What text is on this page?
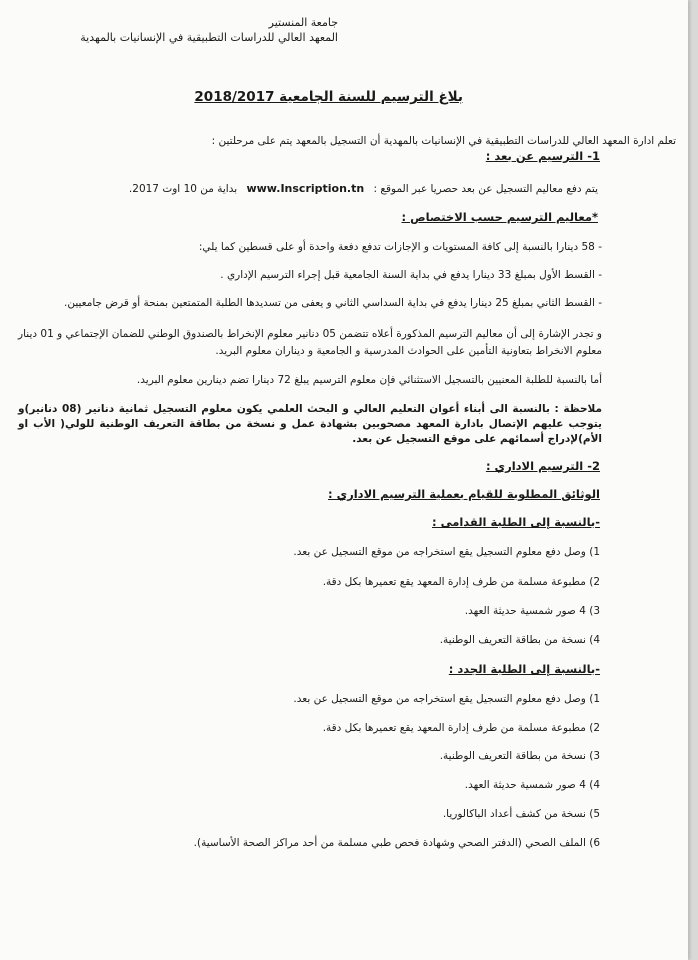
جامعة المنستير

المعهد العالي للدراسات التطبيقية في الإنسانيات بالمهدية

بلاغ الترسيم للسنة الجامعية 2018/2017

تعلم ادارة المعهد العالي للدراسات التطبيقية في الإنسانيات بالمهدية أن التسجيل بالمعهد يتم على مرحلتين :

1- الترسيم عن بعد :

يتم دفع معاليم التسجيل عن بعد حصريا عبر الموقع : www.Inscription.tn بداية من 10 اوت 2017.

*معاليم الترسيم حسب الاختصاص :

- 58 دينارا بالنسبة إلى كافة المستويات و الإجازات تدفع دفعة واحدة أو على قسطين كما يلي:

- القسط الأول بمبلغ 33 دينارا يدفع في بداية السنة الجامعية قبل إجراء الترسيم الإداري .

- القسط الثاني بمبلغ 25 دينارا يدفع في بداية السداسي الثاني و يعفى من تسديدها الطلبة المتمتعين بمنحة أو قرض جامعيين.

و تجدر الإشارة إلى أن معاليم الترسيم المذكورة أعلاه تتضمن 05 دنانير معلوم الإنخراط بالصندوق الوطني للضمان الإجتماعي و 01 دينار معلوم الانخراط بتعاونية التأمين على الحوادث المدرسية و الجامعية و ديناران معلوم البريد.

أما بالنسبة للطلبة المعنيين بالتسجيل الاستثنائي فإن معلوم الترسيم يبلغ 72 دينارا تضم دينارين معلوم البريد.

ملاحظة : بالنسبة الى أبناء أعوان التعليم العالي و البحث العلمي يكون معلوم التسجيل ثمانية دنانير (08 دنانير)و يتوجب عليهم الإتصال بادارة المعهد مصحوبين بشهادة عمل و نسخة من بطاقة التعريف الوطنية للولي( الأب او الأم)لإدراج أسمائهم على موقع التسجيل عن بعد.

2- الترسيم الاداري :

الوثائق المطلوبة للقيام بعملية الترسيم الاداري :

-بالنسبة إلى الطلبة القدامى :

1) وصل دفع معلوم التسجيل يقع استخراجه من موقع التسجيل عن بعد.

2) مطبوعة مسلمة من طرف إدارة المعهد يقع تعميرها بكل دقة.

3) 4 صور شمسية حديثة العهد.

4) نسخة من بطاقة التعريف الوطنية.

-بالنسبة إلى الطلبة الجدد :

1) وصل دفع معلوم التسجيل يقع استخراجه من موقع التسجيل عن بعد.

2) مطبوعة مسلمة من طرف إدارة المعهد يقع تعميرها بكل دقة.

3) نسخة من بطاقة التعريف الوطنية.

4) 4 صور شمسية حديثة العهد.

5) نسخة من كشف أعداد الباكالوريا.

6) الملف الصحي (الدفتر الصحي وشهادة فحص طبي مسلمة من أحد مراكز الصحة الأساسية).
